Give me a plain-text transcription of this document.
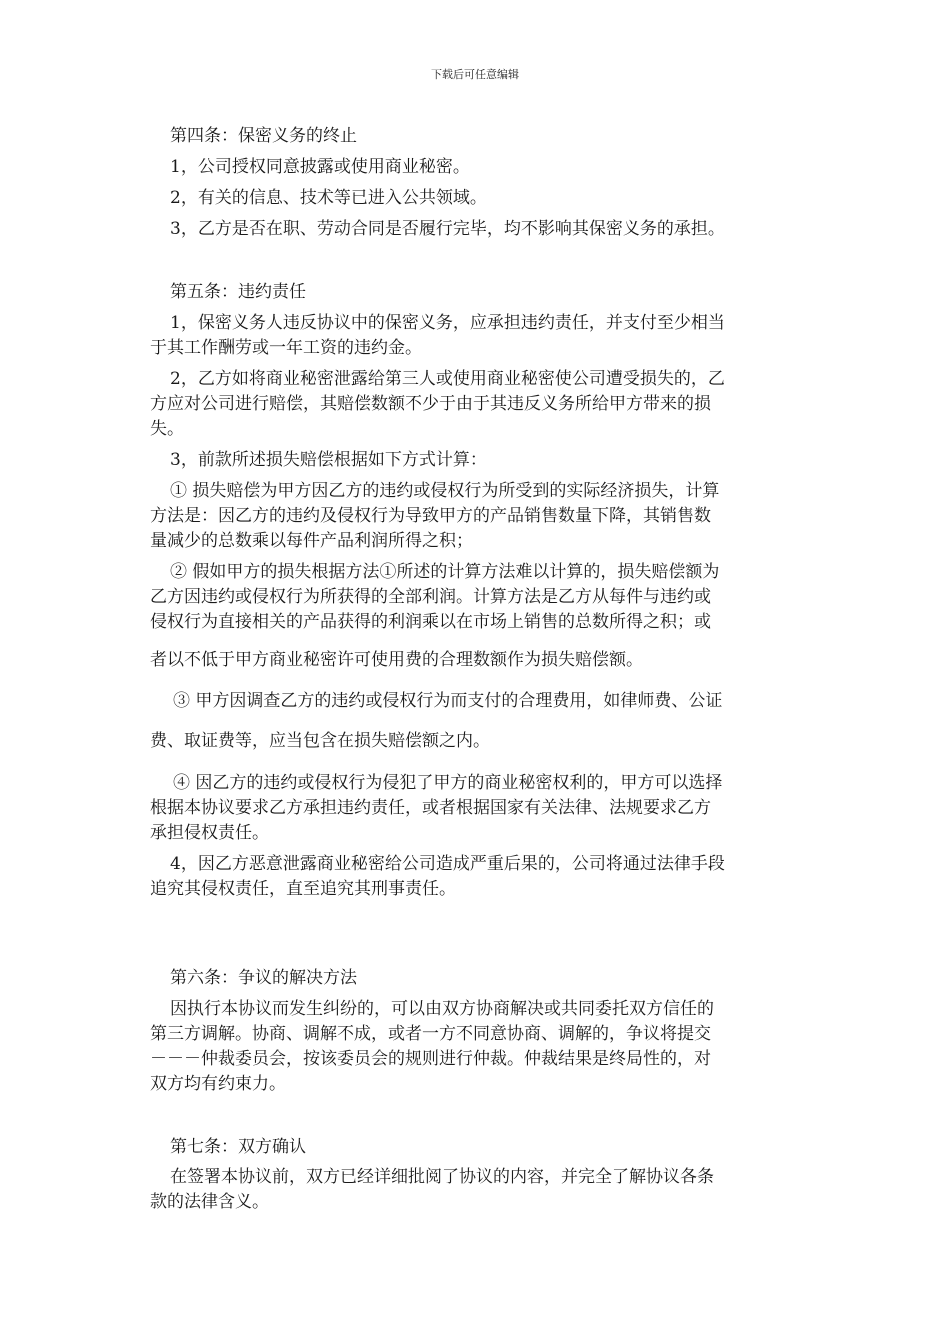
下载后可任意编辑
第四条：保密义务的终止
1，公司授权同意披露或使用商业秘密。
2，有关的信息、技术等已进入公共领域。
3，乙方是否在职、劳动合同是否履行完毕，均不影响其保密义务的承担。
第五条：违约责任
1，保密义务人违反协议中的保密义务，应承担违约责任，并支付至少相当
于其工作酬劳或一年工资的违约金。
2，乙方如将商业秘密泄露给第三人或使用商业秘密使公司遭受损失的，乙
方应对公司进行赔偿，其赔偿数额不少于由于其违反义务所给甲方带来的损
失。
3，前款所述损失赔偿根据如下方式计算：
① 损失赔偿为甲方因乙方的违约或侵权行为所受到的实际经济损失，计算
方法是：因乙方的违约及侵权行为导致甲方的产品销售数量下降，其销售数
量减少的总数乘以每件产品利润所得之积；
② 假如甲方的损失根据方法①所述的计算方法难以计算的，损失赔偿额为
乙方因违约或侵权行为所获得的全部利润。计算方法是乙方从每件与违约或
侵权行为直接相关的产品获得的利润乘以在市场上销售的总数所得之积；或
者以不低于甲方商业秘密许可使用费的合理数额作为损失赔偿额。
③ 甲方因调查乙方的违约或侵权行为而支付的合理费用，如律师费、公证
费、取证费等，应当包含在损失赔偿额之内。
④ 因乙方的违约或侵权行为侵犯了甲方的商业秘密权利的，甲方可以选择
根据本协议要求乙方承担违约责任，或者根据国家有关法律、法规要求乙方
承担侵权责任。
4，因乙方恶意泄露商业秘密给公司造成严重后果的，公司将通过法律手段
追究其侵权责任，直至追究其刑事责任。
第六条：争议的解决方法
因执行本协议而发生纠纷的，可以由双方协商解决或共同委托双方信任的
第三方调解。协商、调解不成，或者一方不同意协商、调解的，争议将提交
－－－仲裁委员会，按该委员会的规则进行仲裁。仲裁结果是终局性的，对
双方均有约束力。
第七条：双方确认
在签署本协议前，双方已经详细批阅了协议的内容，并完全了解协议各条
款的法律含义。
